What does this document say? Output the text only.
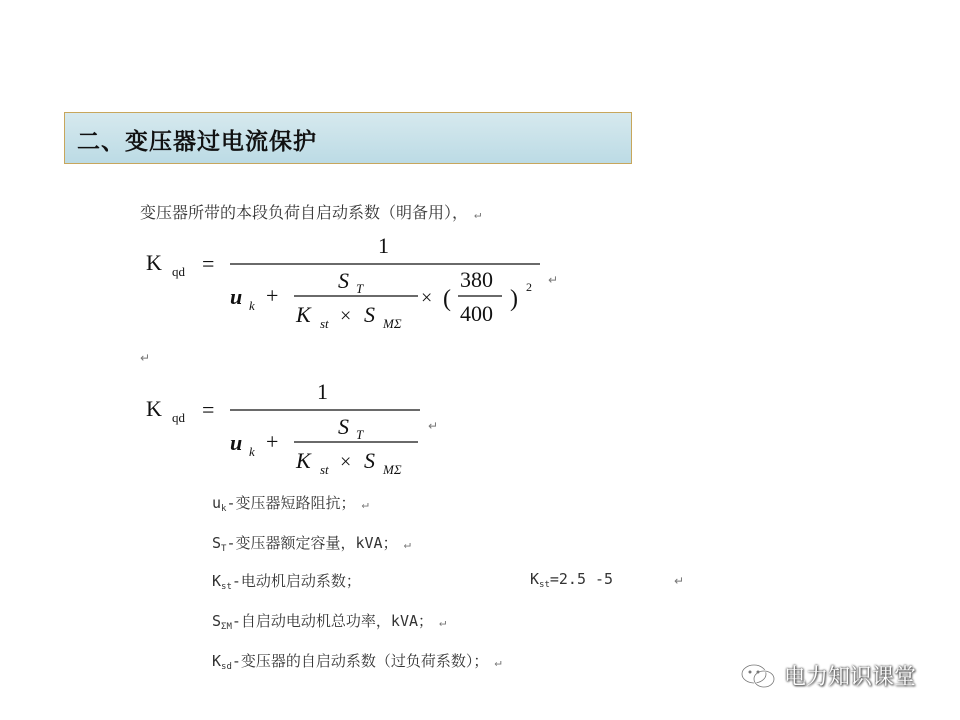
二、变压器过电流保护
变压器所带的本段负荷自启动系数（明备用）， ↵
K qd =
1
u k +
S T
K st × S MΣ
× (
380
400
) 2
K qd =
1
u k +
S T
K st × S MΣ
↵
↵
↵
$u_k-$变压器短路阻抗； ↵
$S_T-$变压器额定容量，kVA； ↵
$K_{st}-$电动机启动系数；	$K_{st}=2.5$ -5	↵
$S_{\Sigma M}-$自启动电动机总功率，kVA； ↵
$K_{sd}-$变压器的自启动系数（过负荷系数）； ↵
电力知识课堂
